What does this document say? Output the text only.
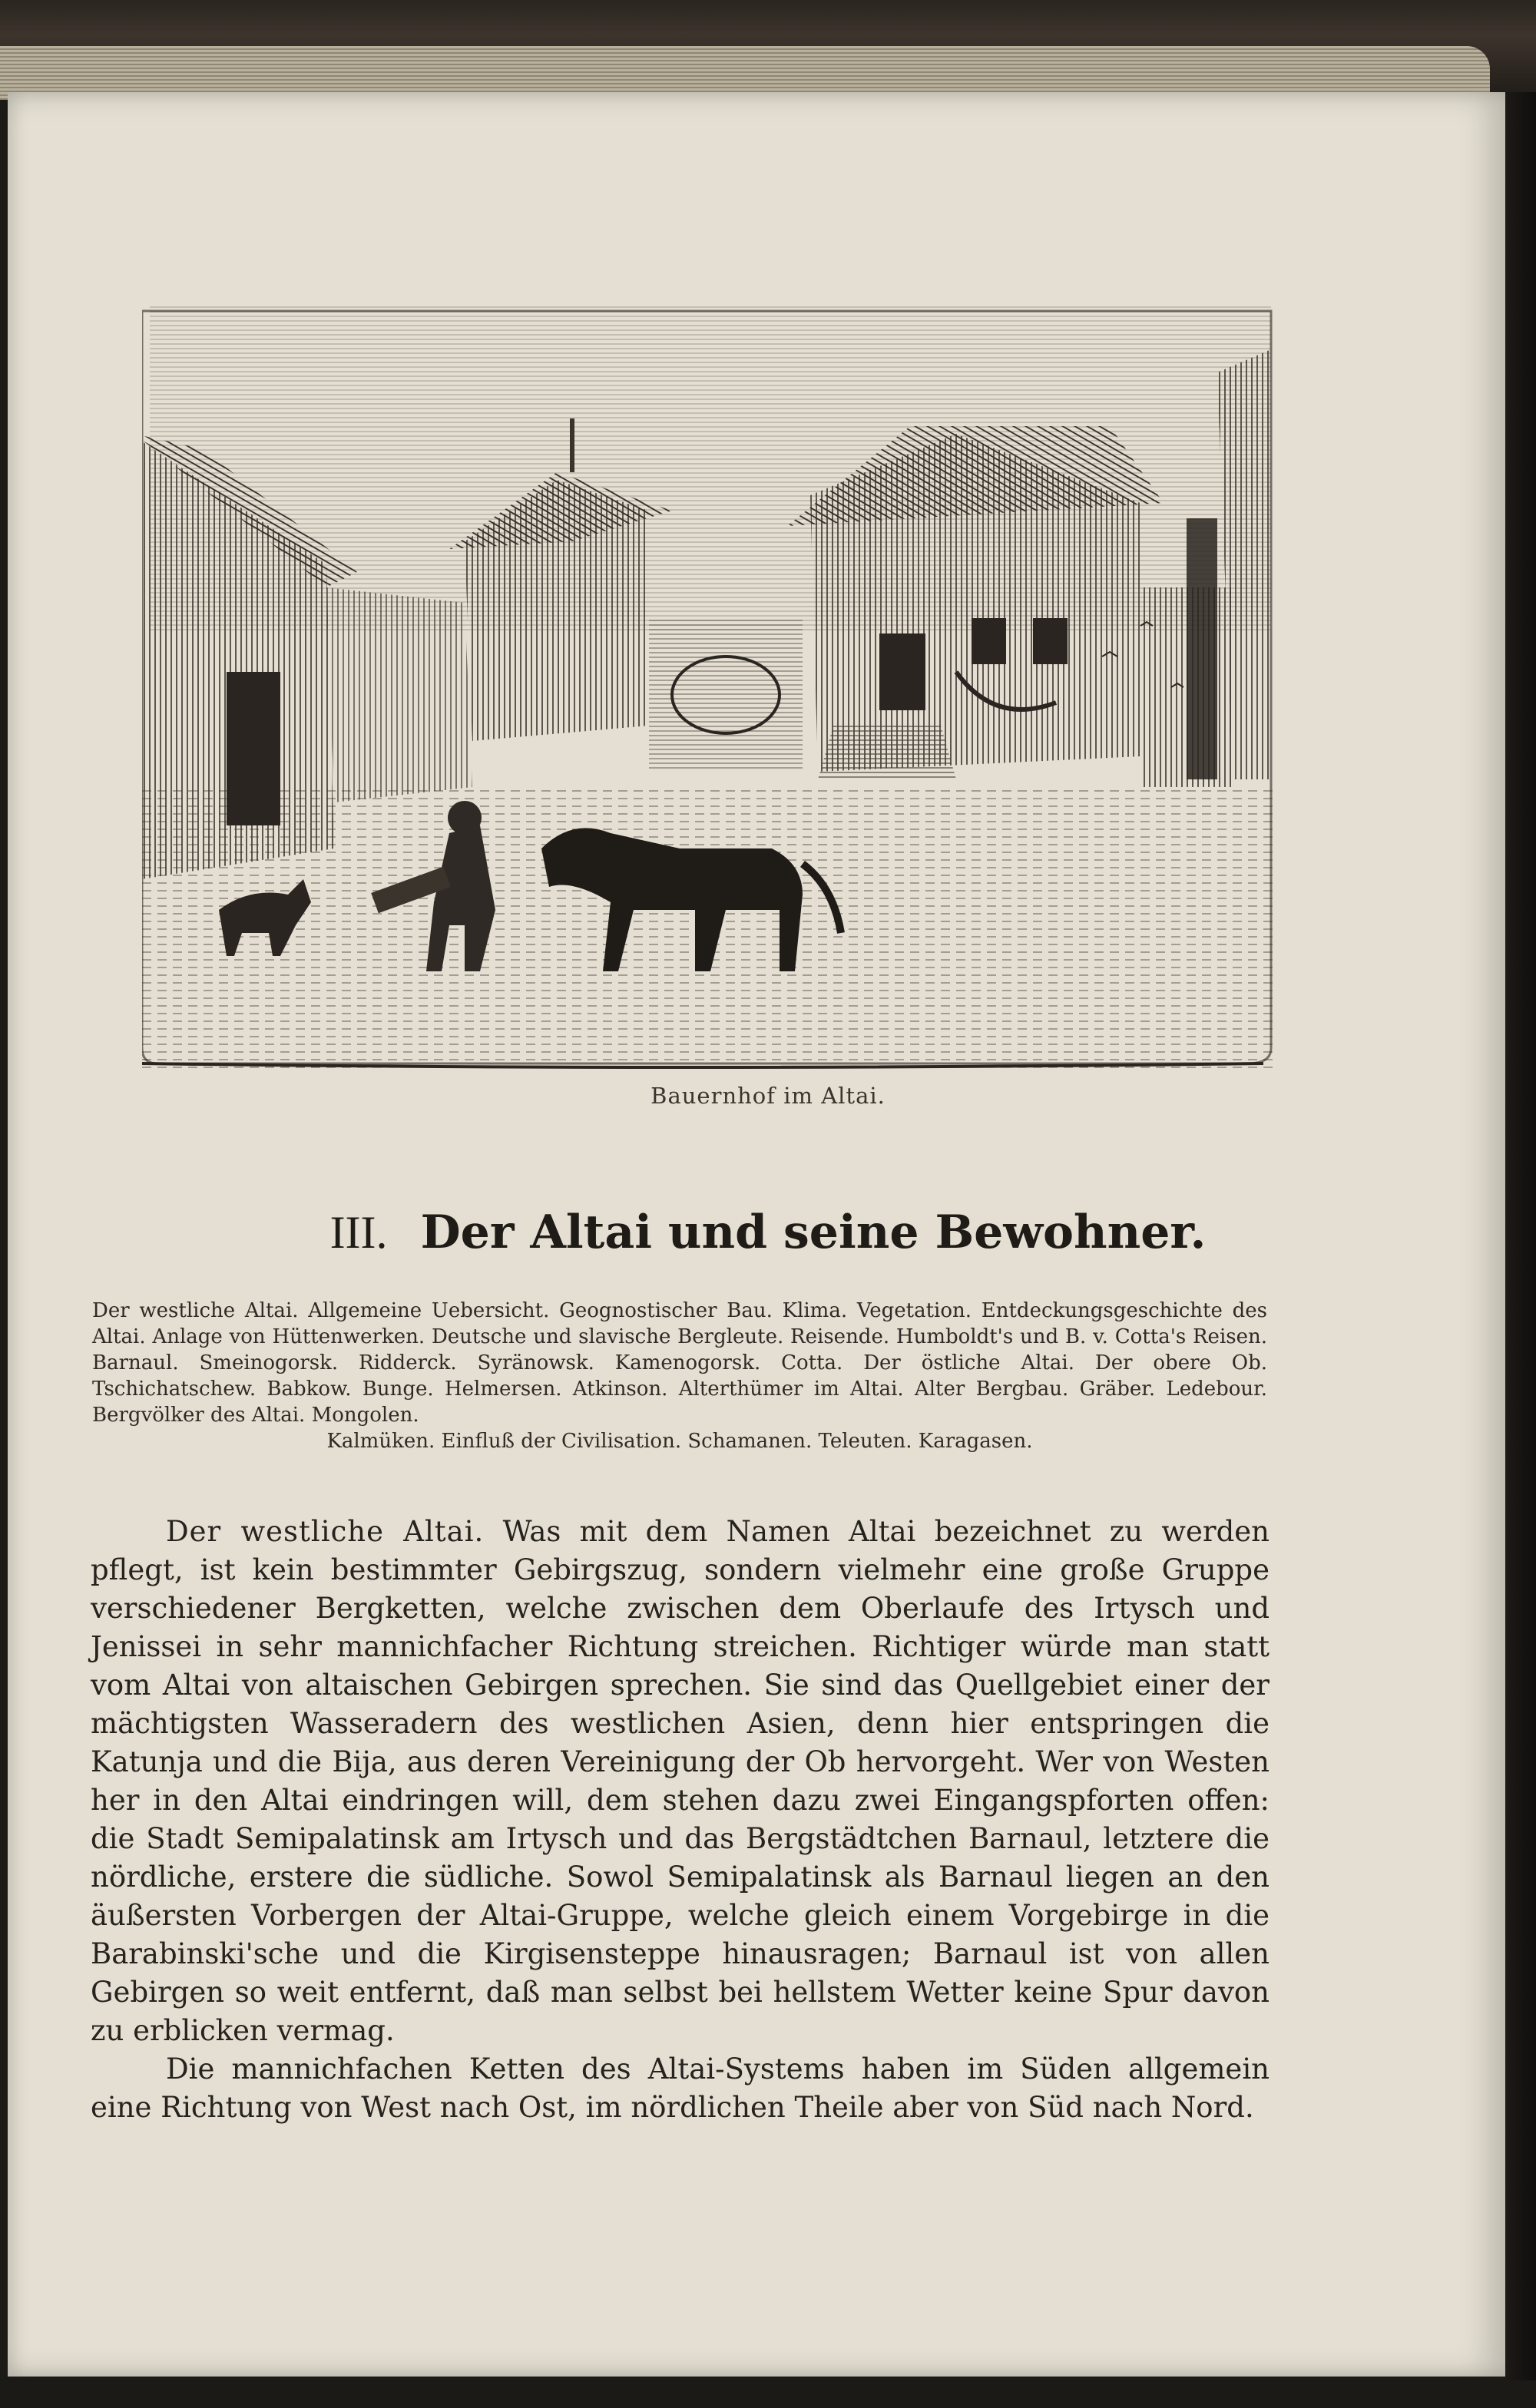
Bauernhof im Altai.
III. Der Altai und seine Bewohner.
Der westliche Altai. Allgemeine Uebersicht. Geognostischer Bau. Klima. Vegetation. Entdeckungsgeschichte des Altai. Anlage von Hüttenwerken. Deutsche und slavische Bergleute. Reisende. Humboldt's und B. v. Cotta's Reisen. Barnaul. Smeinogorsk. Ridderck. Syränowsk. Kamenogorsk. Cotta. Der östliche Altai. Der obere Ob. Tschichatschew. Babkow. Bunge. Helmersen. Atkinson. Alterthümer im Altai. Alter Bergbau. Gräber. Ledebour. Bergvölker des Altai. Mongolen.
Kalmüken. Einfluß der Civilisation. Schamanen. Teleuten. Karagasen.

Der westliche Altai. Was mit dem Namen Altai bezeichnet zu werden pflegt, ist kein bestimmter Gebirgszug, sondern vielmehr eine große Gruppe verschiedener Bergketten, welche zwischen dem Oberlaufe des Irtysch und Jenissei in sehr mannichfacher Richtung streichen. Richtiger würde man statt vom Altai von altaischen Gebirgen sprechen. Sie sind das Quellgebiet einer der mächtigsten Wasseradern des westlichen Asien, denn hier entspringen die Katunja und die Bija, aus deren Vereinigung der Ob hervorgeht. Wer von Westen her in den Altai eindringen will, dem stehen dazu zwei Eingangspforten offen: die Stadt Semipalatinsk am Irtysch und das Bergstädtchen Barnaul, letztere die nördliche, erstere die südliche. Sowol Semipalatinsk als Barnaul liegen an den äußersten Vorbergen der Altai-Gruppe, welche gleich einem Vorgebirge in die Barabinski'sche und die Kirgisensteppe hinausragen; Barnaul ist von allen Gebirgen so weit entfernt, daß man selbst bei hellstem Wetter keine Spur davon zu erblicken vermag.

Die mannichfachen Ketten des Altai-Systems haben im Süden allgemein eine Richtung von West nach Ost, im nördlichen Theile aber von Süd nach Nord.
